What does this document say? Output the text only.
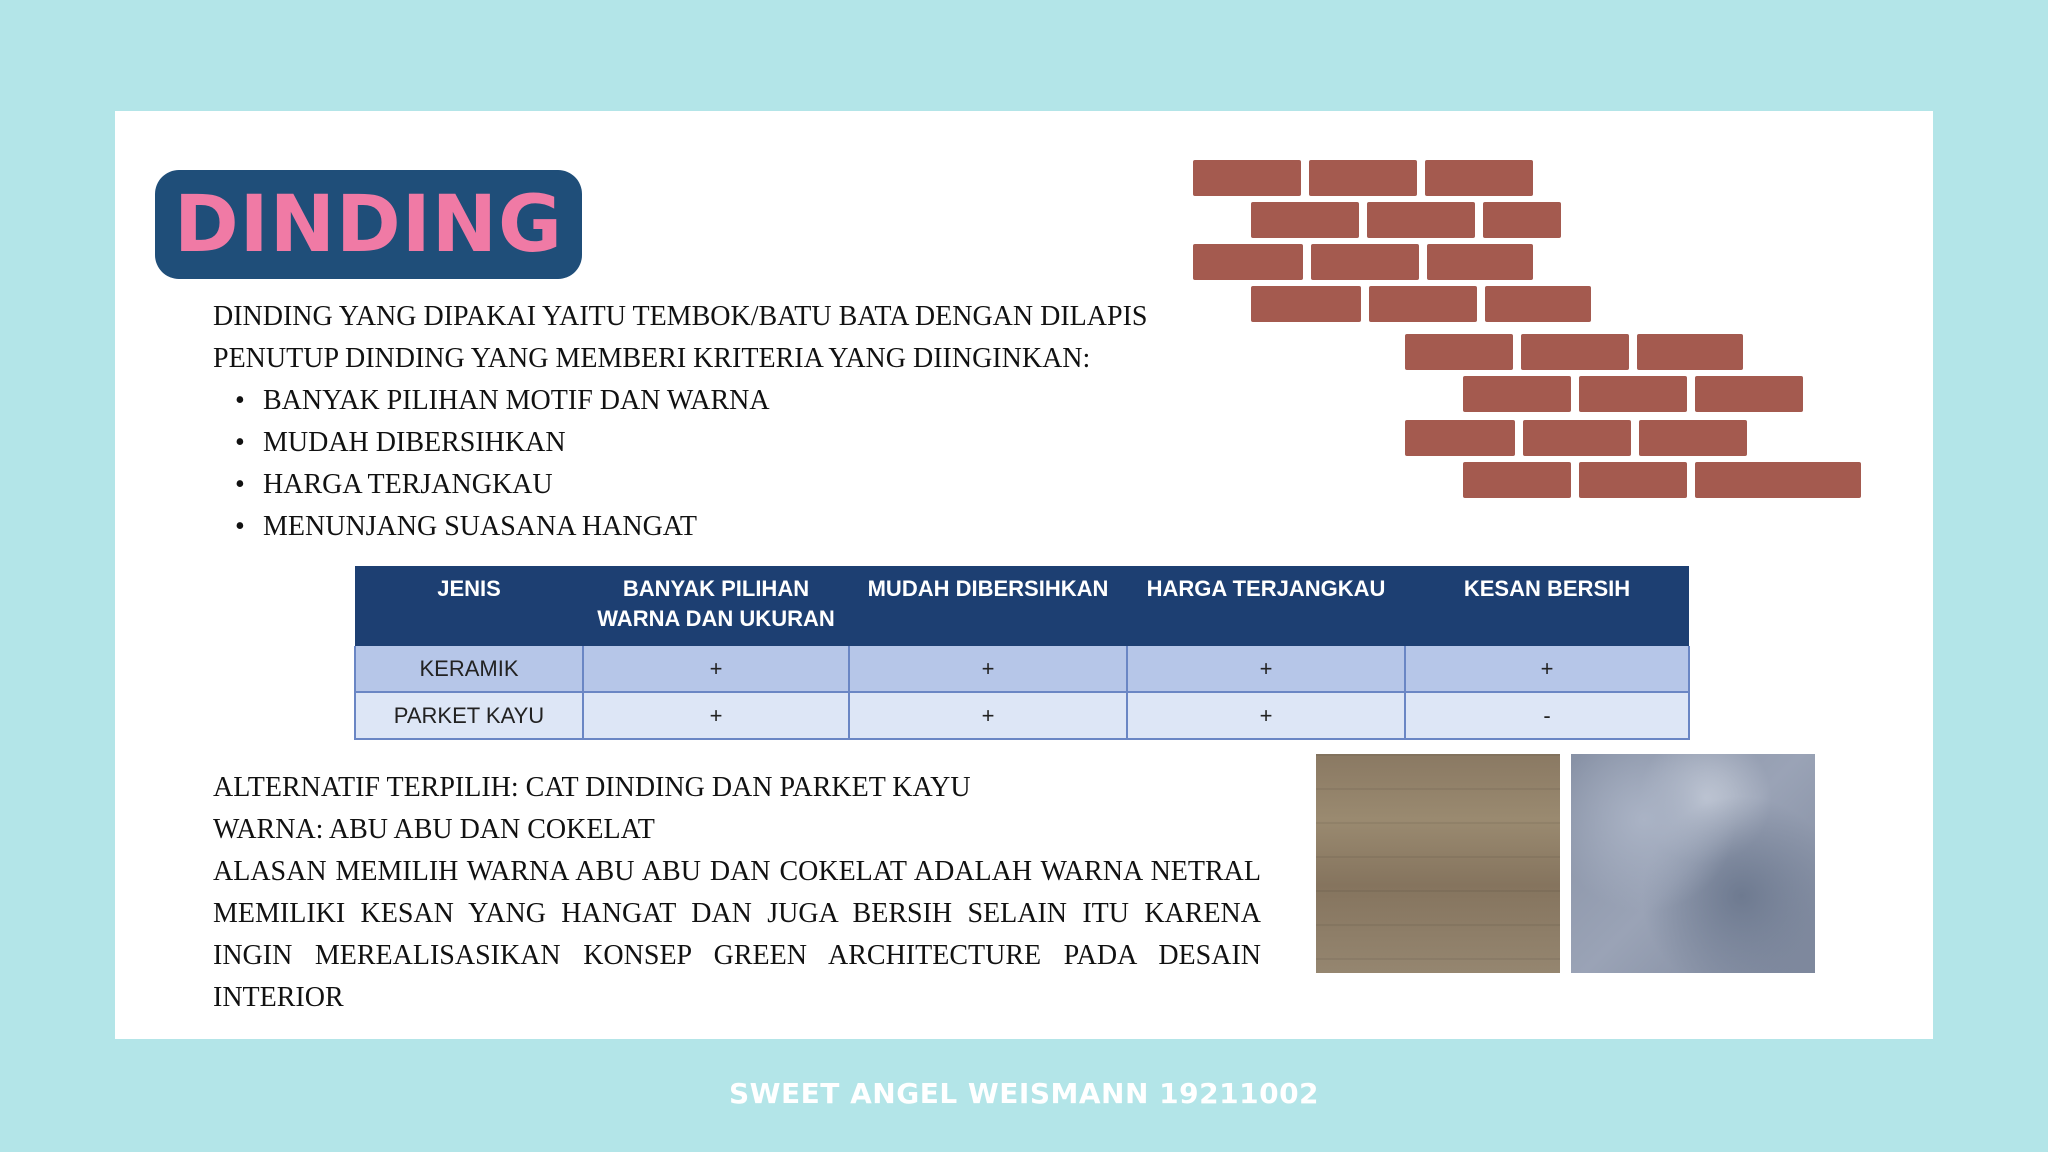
DINDING

DINDING YANG DIPAKAI YAITU TEMBOK/BATU BATA DENGAN DILAPIS

PENUTUP DINDING YANG MEMBERI KRITERIA YANG DIINGINKAN:

• BANYAK PILIHAN MOTIF DAN WARNA
• MUDAH DIBERSIHKAN
• HARGA TERJANGKAU
• MENUNJANG SUASANA HANGAT
JENIS	BANYAK PILIHAN WARNA DAN UKURAN	MUDAH DIBERSIHKAN	HARGA TERJANGKAU	KESAN BERSIH
KERAMIK	+	+	+	+
PARKET KAYU	+	+	+	-

ALTERNATIF TERPILIH: CAT DINDING DAN PARKET KAYU

WARNA: ABU ABU DAN COKELAT

ALASAN MEMILIH WARNA ABU ABU DAN COKELAT ADALAH WARNA NETRAL MEMILIKI KESAN YANG HANGAT DAN JUGA BERSIH SELAIN ITU KARENA INGIN MEREALISASIKAN KONSEP GREEN ARCHITECTURE PADA DESAIN INTERIOR

SWEET ANGEL WEISMANN 19211002
